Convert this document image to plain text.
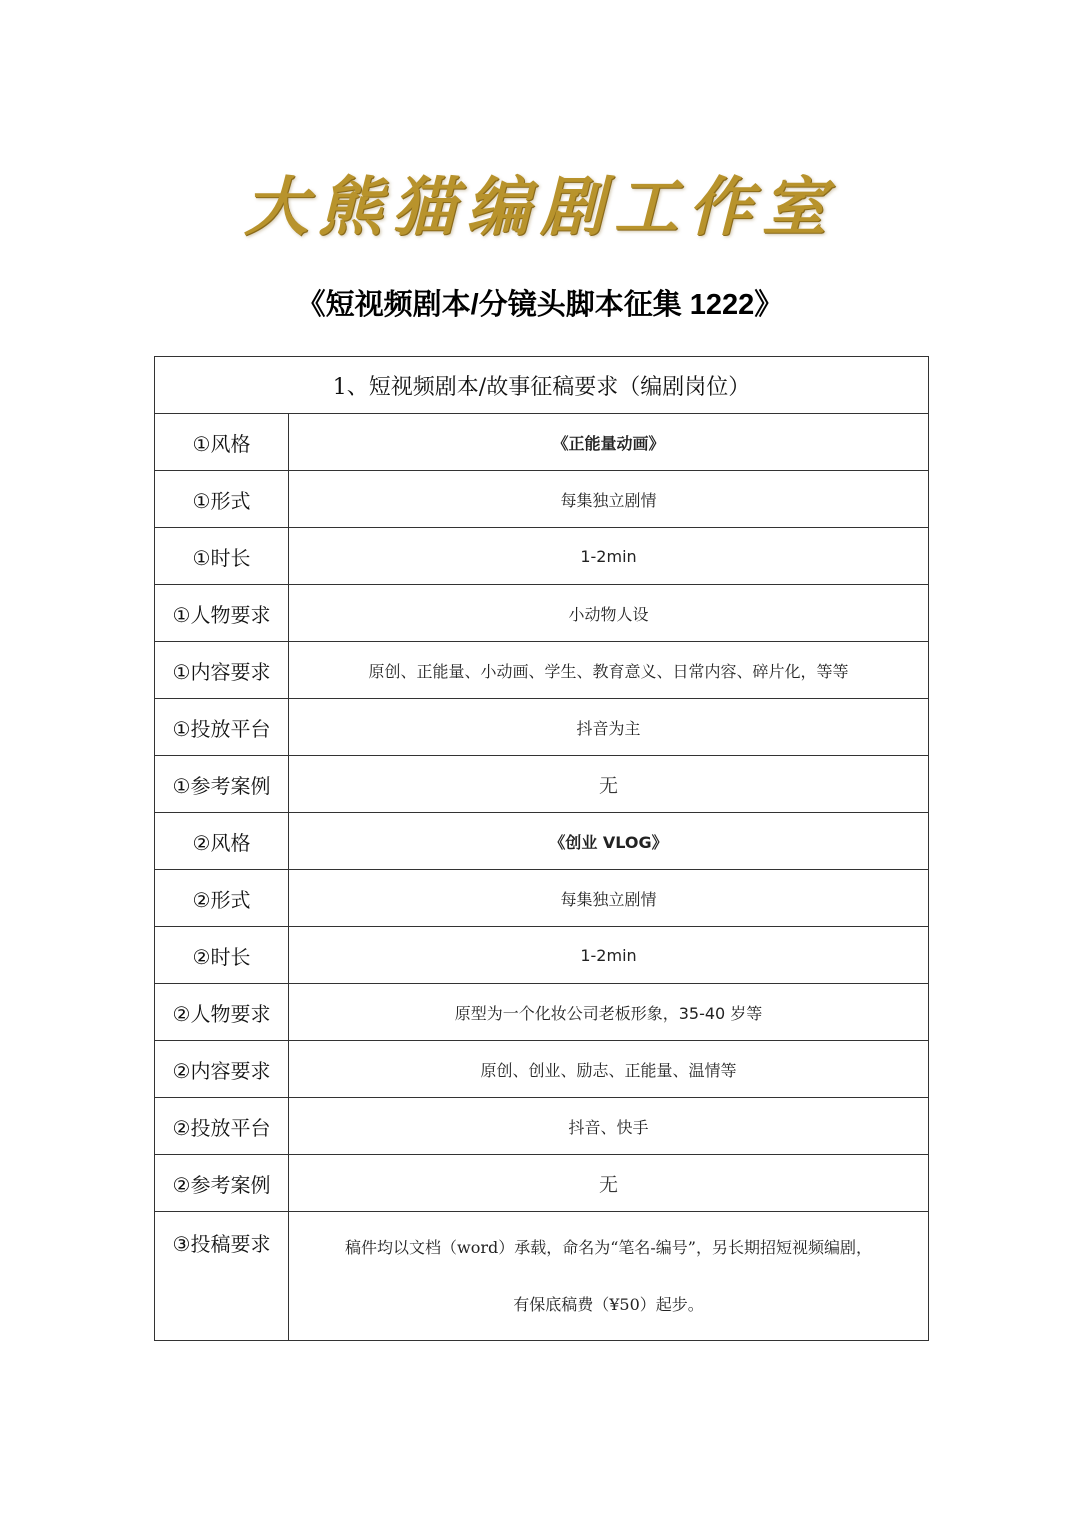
大熊猫编剧工作室
《短视频剧本/分镜头脚本征集 1222》
1、短视频剧本/故事征稿要求（编剧岗位）	
①风格	《正能量动画》
①形式	每集独立剧情
①时长	1-2min
①人物要求	小动物人设
①内容要求	原创、正能量、小动画、学生、教育意义、日常内容、碎片化，等等
①投放平台	抖音为主
①参考案例	无
②风格	《创业 VLOG》
②形式	每集独立剧情
②时长	1-2min
②人物要求	原型为一个化妆公司老板形象，35-40 岁等
②内容要求	原创、创业、励志、正能量、温情等
②投放平台	抖音、快手
②参考案例	无
③投稿要求	稿件均以文档（word）承载，命名为“笔名-编号”，另长期招短视频编剧，
有保底稿费（¥50）起步。
